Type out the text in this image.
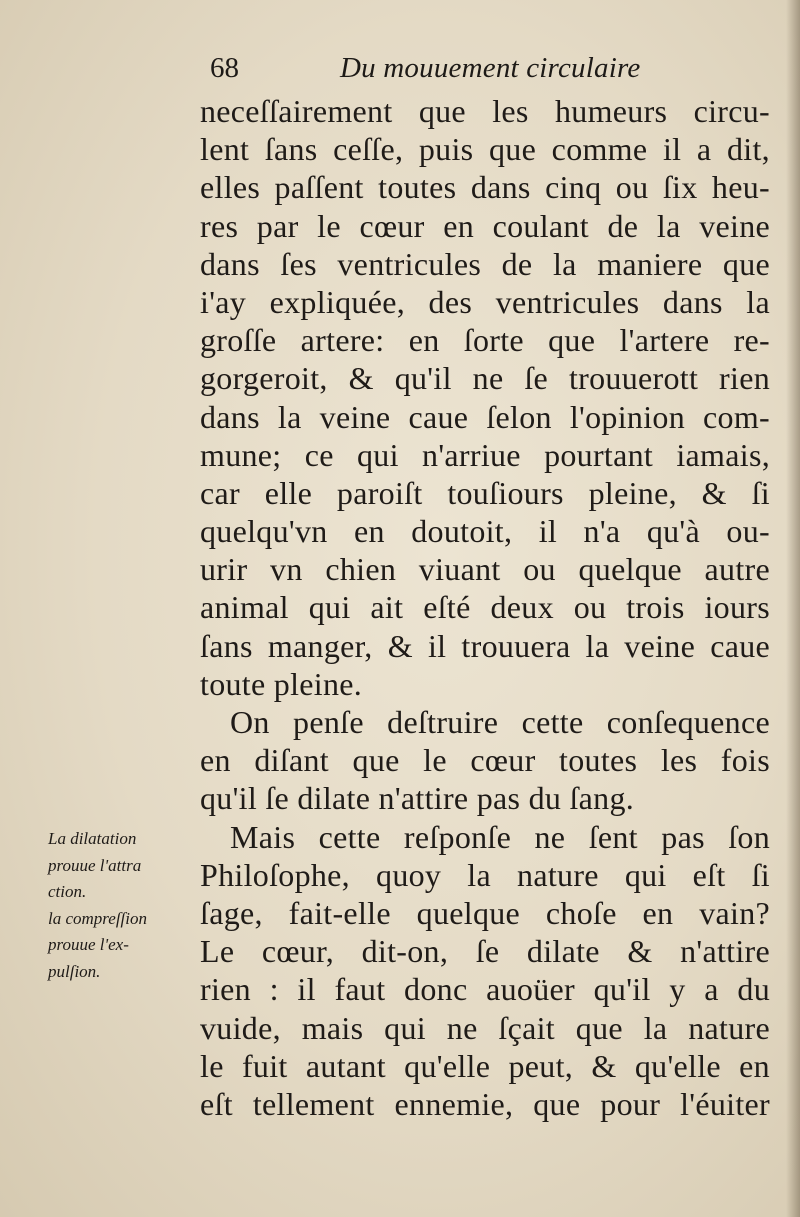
68	Du mouuement circulaire
neceſſairement que les humeurs circu-
lent ſans ceſſe, puis que comme il a dit,
elles paſſent toutes dans cinq ou ſix heu-
res par le cœur en coulant de la veine
dans ſes ventricules de la maniere que
i'ay expliquée, des ventricules dans la
groſſe artere: en ſorte que l'artere re-
gorgeroit, & qu'il ne ſe trouuerott rien
dans la veine caue ſelon l'opinion com-
mune; ce qui n'arriue pourtant iamais,
car elle paroiſt touſiours pleine, & ſi
quelqu'vn en doutoit, il n'a qu'à ou-
urir vn chien viuant ou quelque autre
animal qui ait eſté deux ou trois iours
ſans manger, & il trouuera la veine caue
toute pleine.
On penſe deſtruire cette conſequence
en diſant que le cœur toutes les fois
qu'il ſe dilate n'attire pas du ſang.
Mais cette reſponſe ne ſent pas ſon
Philoſophe, quoy la nature qui eſt ſi
ſage, fait-elle quelque choſe en vain?
Le cœur, dit-on, ſe dilate & n'attire
rien : il faut donc auoüer qu'il y a du
vuide, mais qui ne ſçait que la nature
le fuit autant qu'elle peut, & qu'elle en
eſt tellement ennemie, que pour l'éuiter
La dilatation
prouue l'attra
ction.
la compreſſion
prouue l'ex-
pulſion.
